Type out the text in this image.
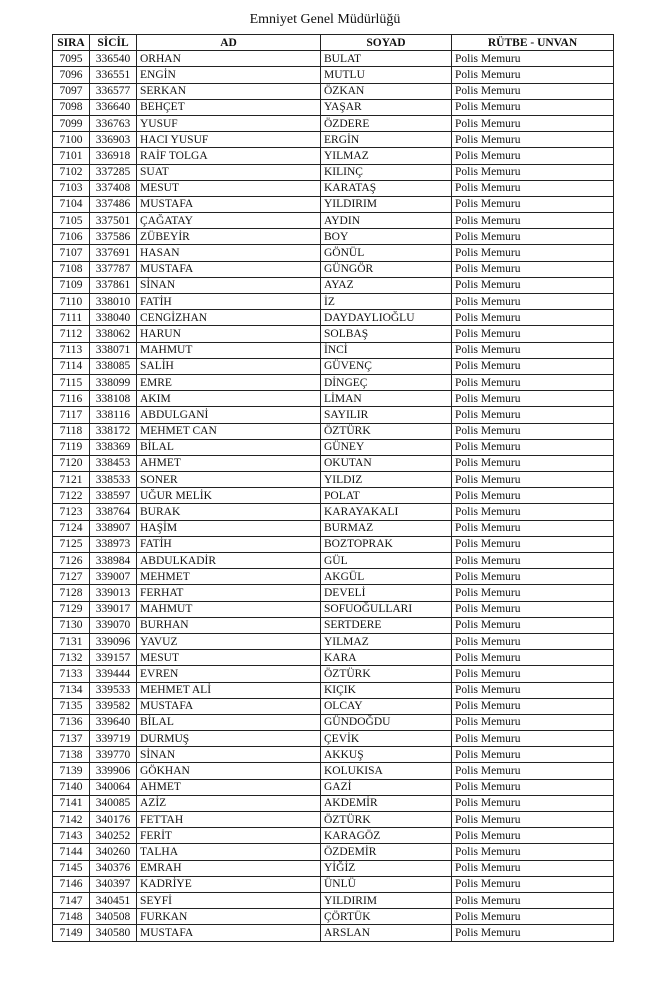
Emniyet Genel Müdürlüğü
SIRA	SİCİL	AD	SOYAD	RÜTBE - UNVAN
7095	336540	ORHAN	BULAT	Polis Memuru
7096	336551	ENGİN	MUTLU	Polis Memuru
7097	336577	SERKAN	ÖZKAN	Polis Memuru
7098	336640	BEHÇET	YAŞAR	Polis Memuru
7099	336763	YUSUF	ÖZDERE	Polis Memuru
7100	336903	HACI YUSUF	ERGİN	Polis Memuru
7101	336918	RAİF TOLGA	YILMAZ	Polis Memuru
7102	337285	SUAT	KILINÇ	Polis Memuru
7103	337408	MESUT	KARATAŞ	Polis Memuru
7104	337486	MUSTAFA	YILDIRIM	Polis Memuru
7105	337501	ÇAĞATAY	AYDIN	Polis Memuru
7106	337586	ZÜBEYİR	BOY	Polis Memuru
7107	337691	HASAN	GÖNÜL	Polis Memuru
7108	337787	MUSTAFA	GÜNGÖR	Polis Memuru
7109	337861	SİNAN	AYAZ	Polis Memuru
7110	338010	FATİH	İZ	Polis Memuru
7111	338040	CENGİZHAN	DAYDAYLIOĞLU	Polis Memuru
7112	338062	HARUN	SOLBAŞ	Polis Memuru
7113	338071	MAHMUT	İNCİ	Polis Memuru
7114	338085	SALİH	GÜVENÇ	Polis Memuru
7115	338099	EMRE	DİNGEÇ	Polis Memuru
7116	338108	AKIM	LİMAN	Polis Memuru
7117	338116	ABDULGANİ	SAYILIR	Polis Memuru
7118	338172	MEHMET CAN	ÖZTÜRK	Polis Memuru
7119	338369	BİLAL	GÜNEY	Polis Memuru
7120	338453	AHMET	OKUTAN	Polis Memuru
7121	338533	SONER	YILDIZ	Polis Memuru
7122	338597	UĞUR MELİK	POLAT	Polis Memuru
7123	338764	BURAK	KARAYAKALI	Polis Memuru
7124	338907	HAŞİM	BURMAZ	Polis Memuru
7125	338973	FATİH	BOZTOPRAK	Polis Memuru
7126	338984	ABDULKADİR	GÜL	Polis Memuru
7127	339007	MEHMET	AKGÜL	Polis Memuru
7128	339013	FERHAT	DEVELİ	Polis Memuru
7129	339017	MAHMUT	SOFUOĞULLARI	Polis Memuru
7130	339070	BURHAN	SERTDERE	Polis Memuru
7131	339096	YAVUZ	YILMAZ	Polis Memuru
7132	339157	MESUT	KARA	Polis Memuru
7133	339444	EVREN	ÖZTÜRK	Polis Memuru
7134	339533	MEHMET ALİ	KIÇIK	Polis Memuru
7135	339582	MUSTAFA	OLCAY	Polis Memuru
7136	339640	BİLAL	GÜNDOĞDU	Polis Memuru
7137	339719	DURMUŞ	ÇEVİK	Polis Memuru
7138	339770	SİNAN	AKKUŞ	Polis Memuru
7139	339906	GÖKHAN	KOLUKISA	Polis Memuru
7140	340064	AHMET	GAZİ	Polis Memuru
7141	340085	AZİZ	AKDEMİR	Polis Memuru
7142	340176	FETTAH	ÖZTÜRK	Polis Memuru
7143	340252	FERİT	KARAGÖZ	Polis Memuru
7144	340260	TALHA	ÖZDEMİR	Polis Memuru
7145	340376	EMRAH	YİĞİZ	Polis Memuru
7146	340397	KADRİYE	ÜNLÜ	Polis Memuru
7147	340451	SEYFİ	YILDIRIM	Polis Memuru
7148	340508	FURKAN	ÇÖRTÜK	Polis Memuru
7149	340580	MUSTAFA	ARSLAN	Polis Memuru
